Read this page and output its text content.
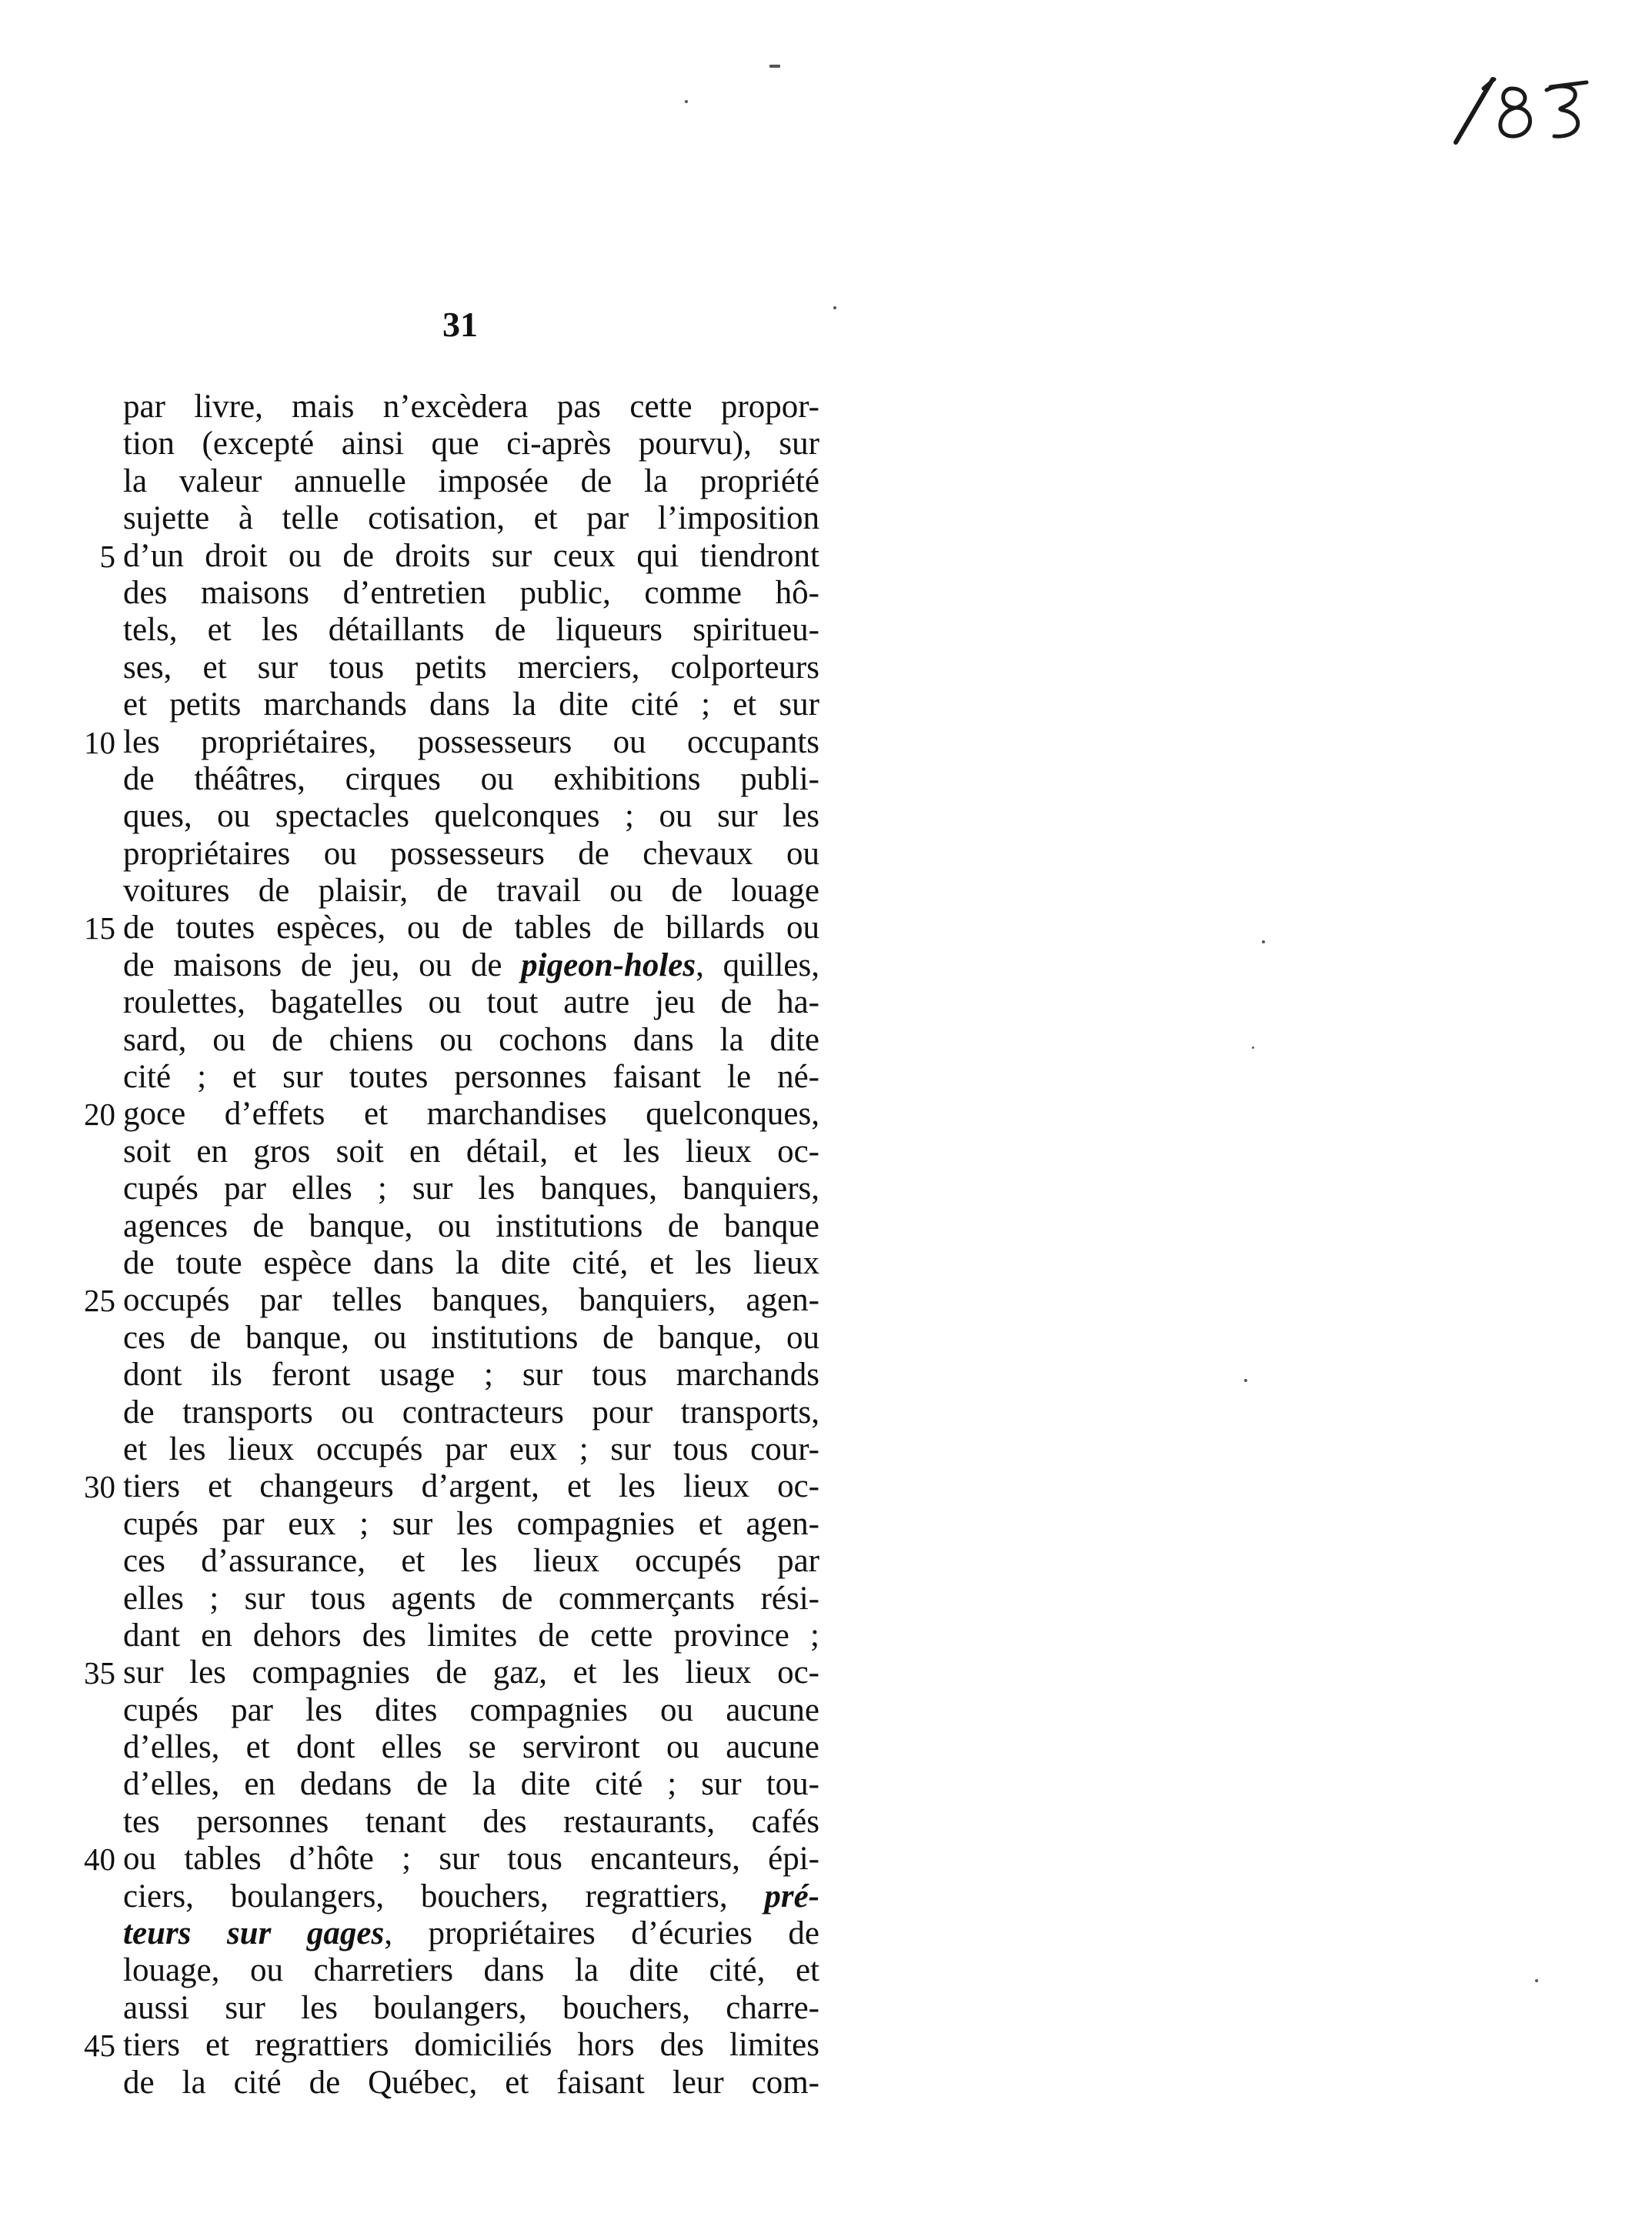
31
par livre, mais n’excèdera pas cette propor-
tion (excepté ainsi que ci-après pourvu), sur
la valeur annuelle imposée de la propriété
sujette à telle cotisation, et par l’imposition
5 d’un droit ou de droits sur ceux qui tiendront
des maisons d’entretien public, comme hô-
tels, et les détaillants de liqueurs spiritueu-
ses, et sur tous petits merciers, colporteurs
et petits marchands dans la dite cité ; et sur
10 les propriétaires, possesseurs ou occupants
de théâtres, cirques ou exhibitions publi-
ques, ou spectacles quelconques ; ou sur les
propriétaires ou possesseurs de chevaux ou
voitures de plaisir, de travail ou de louage
15 de toutes espèces, ou de tables de billards ou
de maisons de jeu, ou de pigeon-holes, quilles,
roulettes, bagatelles ou tout autre jeu de ha-
sard, ou de chiens ou cochons dans la dite
cité ; et sur toutes personnes faisant le né-
20 goce d’effets et marchandises quelconques,
soit en gros soit en détail, et les lieux oc-
cupés par elles ; sur les banques, banquiers,
agences de banque, ou institutions de banque
de toute espèce dans la dite cité, et les lieux
25 occupés par telles banques, banquiers, agen-
ces de banque, ou institutions de banque, ou
dont ils feront usage ; sur tous marchands
de transports ou contracteurs pour transports,
et les lieux occupés par eux ; sur tous cour-
30 tiers et changeurs d’argent, et les lieux oc-
cupés par eux ; sur les compagnies et agen-
ces d’assurance, et les lieux occupés par
elles ; sur tous agents de commerçants rési-
dant en dehors des limites de cette province ;
35 sur les compagnies de gaz, et les lieux oc-
cupés par les dites compagnies ou aucune
d’elles, et dont elles se serviront ou aucune
d’elles, en dedans de la dite cité ; sur tou-
tes personnes tenant des restaurants, cafés
40 ou tables d’hôte ; sur tous encanteurs, épi-
ciers, boulangers, bouchers, regrattiers, pré-
teurs sur gages, propriétaires d’écuries de
louage, ou charretiers dans la dite cité, et
aussi sur les boulangers, bouchers, charre-
45 tiers et regrattiers domiciliés hors des limites
de la cité de Québec, et faisant leur com-
